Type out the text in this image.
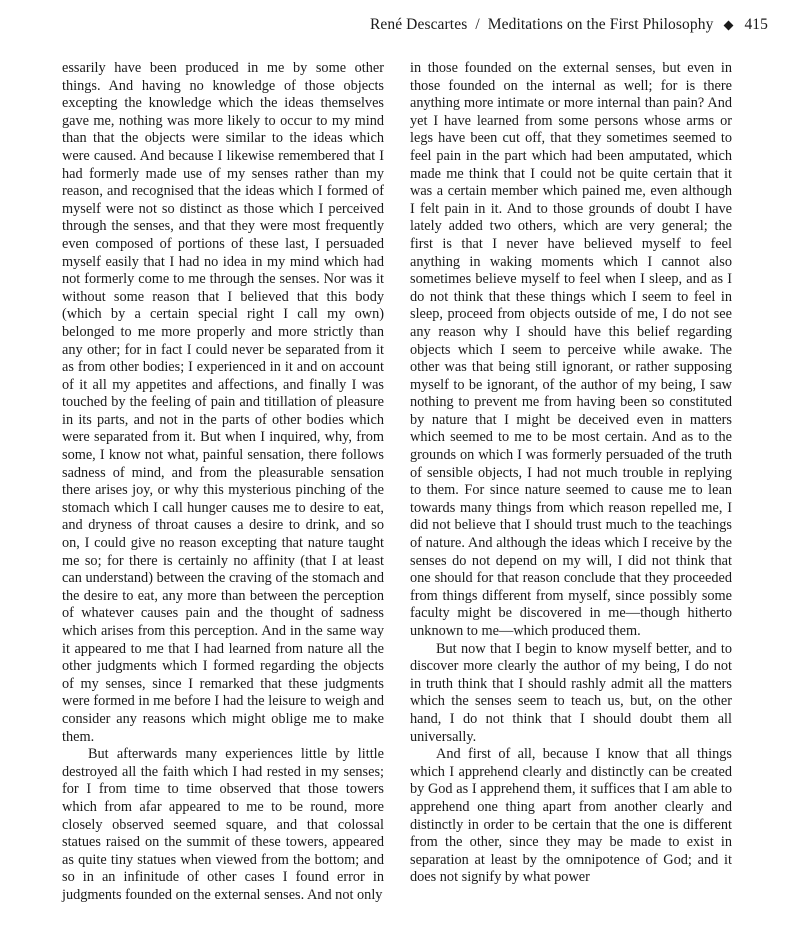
René Descartes / Meditations on the First Philosophy 415

essarily have been produced in me by some other things. And having no knowledge of those objects excepting the knowledge which the ideas themselves gave me, nothing was more likely to occur to my mind than that the objects were similar to the ideas which were caused. And because I likewise remembered that I had formerly made use of my senses rather than my reason, and recognised that the ideas which I formed of myself were not so distinct as those which I perceived through the senses, and that they were most frequently even composed of portions of these last, I persuaded myself easily that I had no idea in my mind which had not formerly come to me through the senses. Nor was it without some reason that I believed that this body (which by a certain special right I call my own) belonged to me more properly and more strictly than any other; for in fact I could never be separated from it as from other bodies; I experienced in it and on account of it all my appetites and affections, and finally I was touched by the feeling of pain and titillation of pleasure in its parts, and not in the parts of other bodies which were separated from it. But when I inquired, why, from some, I know not what, painful sensation, there follows sadness of mind, and from the pleasurable sensation there arises joy, or why this mysterious pinching of the stomach which I call hunger causes me to desire to eat, and dryness of throat causes a desire to drink, and so on, I could give no reason excepting that nature taught me so; for there is certainly no affinity (that I at least can understand) between the craving of the stomach and the desire to eat, any more than between the perception of whatever causes pain and the thought of sadness which arises from this perception. And in the same way it appeared to me that I had learned from nature all the other judgments which I formed regarding the objects of my senses, since I remarked that these judgments were formed in me before I had the leisure to weigh and consider any reasons which might oblige me to make them.

But afterwards many experiences little by little destroyed all the faith which I had rested in my senses; for I from time to time observed that those towers which from afar appeared to me to be round, more closely observed seemed square, and that colossal statues raised on the summit of these towers, appeared as quite tiny statues when viewed from the bottom; and so in an infinitude of other cases I found error in judgments founded on the external senses. And not only

in those founded on the external senses, but even in those founded on the internal as well; for is there anything more intimate or more internal than pain? And yet I have learned from some persons whose arms or legs have been cut off, that they sometimes seemed to feel pain in the part which had been amputated, which made me think that I could not be quite certain that it was a certain member which pained me, even although I felt pain in it. And to those grounds of doubt I have lately added two others, which are very general; the first is that I never have believed myself to feel anything in waking moments which I cannot also sometimes believe myself to feel when I sleep, and as I do not think that these things which I seem to feel in sleep, proceed from objects outside of me, I do not see any reason why I should have this belief regarding objects which I seem to perceive while awake. The other was that being still ignorant, or rather supposing myself to be ignorant, of the author of my being, I saw nothing to prevent me from having been so constituted by nature that I might be deceived even in matters which seemed to me to be most certain. And as to the grounds on which I was formerly persuaded of the truth of sensible objects, I had not much trouble in replying to them. For since nature seemed to cause me to lean towards many things from which reason repelled me, I did not believe that I should trust much to the teachings of nature. And although the ideas which I receive by the senses do not depend on my will, I did not think that one should for that reason conclude that they proceeded from things different from myself, since possibly some faculty might be discovered in me—though hitherto unknown to me—which produced them.

But now that I begin to know myself better, and to discover more clearly the author of my being, I do not in truth think that I should rashly admit all the matters which the senses seem to teach us, but, on the other hand, I do not think that I should doubt them all universally.

And first of all, because I know that all things which I apprehend clearly and distinctly can be created by God as I apprehend them, it suffices that I am able to apprehend one thing apart from another clearly and distinctly in order to be certain that the one is different from the other, since they may be made to exist in separation at least by the omnipotence of God; and it does not signify by what power
